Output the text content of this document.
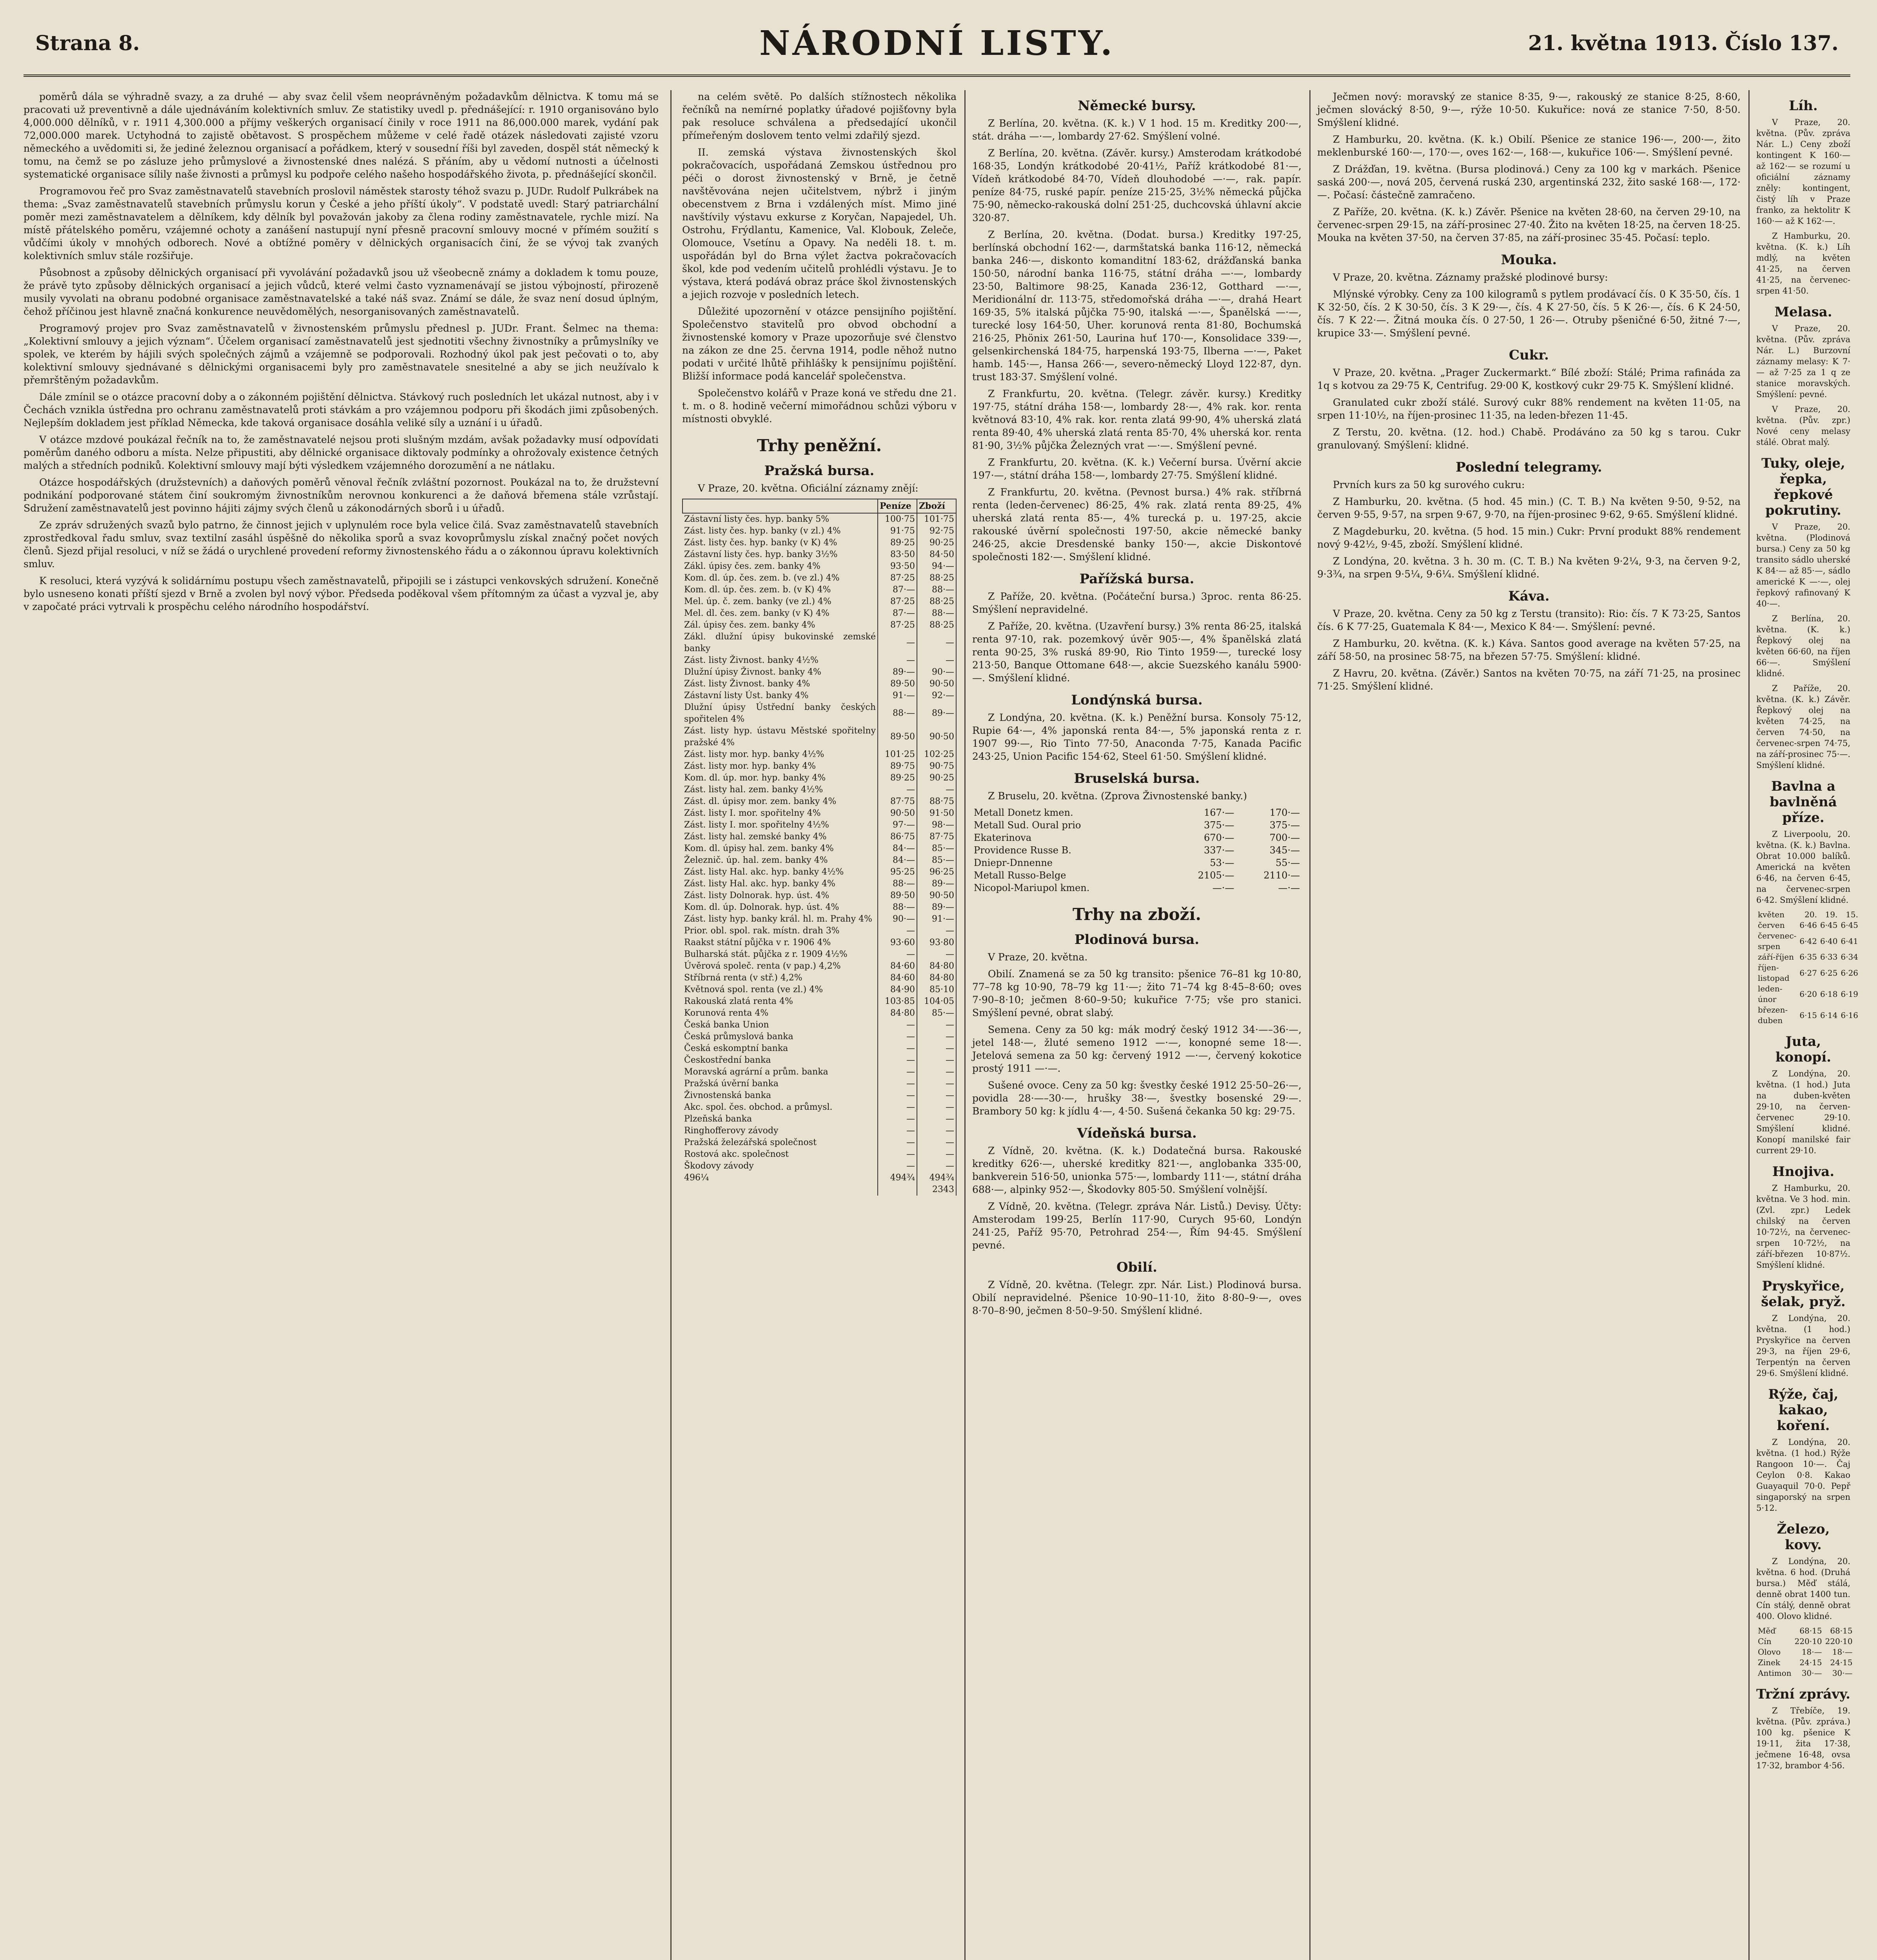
Strana 8.	NÁRODNÍ LISTY.	21. května 1913. Číslo 137.

poměrů dála se výhradně svazy, a za druhé — aby svaz čelil všem neoprávněným požadavkům dělnictva. K tomu má se pracovati už preventivně a dále ujednáváním kolektivních smluv. Ze statistiky uvedl p. přednášející: r. 1910 organisováno bylo 4,000.000 dělníků, v r. 1911 4,300.000 a příjmy veškerých organisací činily v roce 1911 na 86,000.000 marek, vydání pak 72,000.000 marek. Uctyhodná to zajistě obětavost. S prospěchem můžeme v celé řadě otázek následovati zajisté vzoru německého a uvědomiti si, že jediné železnou organisací a pořádkem, který v sousední říši byl zaveden, dospěl stát německý k tomu, na čemž se po zásluze jeho průmyslové a živnostenské dnes nalézá. S přáním, aby u vědomí nutnosti a účelnosti systematické organisace sílily naše živnosti a průmysl ku podpoře celého našeho hospodářského života, p. přednášející skončil.

Programovou řeč pro Svaz zaměstnavatelů stavebních proslovil náměstek starosty téhož svazu p. JUDr. Rudolf Pulkrábek na thema: „Svaz zaměstnavatelů stavebních průmyslu korun y České a jeho příští úkoly“. V podstatě uvedl: Starý patriarchální poměr mezi zaměstnavatelem a dělníkem, kdy dělník byl považován jakoby za člena rodiny zaměstnavatele, rychle mizí. Na místě přátelského poměru, vzájemné ochoty a zanášení nastupují nyní přesně pracovní smlouvy mocné v přímém soužití s vůdčími úkoly v mnohých odborech. Nové a obtížné poměry v dělnických organisacích činí, že se vývoj tak zvaných kolektivních smluv stále rozšiřuje.

Působnost a způsoby dělnických organisací při vyvolávání požadavků jsou už všeobecně známy a dokladem k tomu pouze, že právě tyto způsoby dělnických organisací a jejich vůdců, které velmi často vyznamenávají se jistou výbojností, přirozeně musily vyvolati na obranu podobné organisace zaměstnavatelské a také náš svaz. Známí se dále, že svaz není dosud úplným, čehož příčinou jest hlavně značná konkurence neuvědomělých, nesorganisovaných zaměstnavatelů.

Programový projev pro Svaz zaměstnavatelů v živnostenském průmyslu přednesl p. JUDr. Frant. Šelmec na thema: „Kolektivní smlouvy a jejich význam“. Účelem organisací zaměstnavatelů jest sjednotiti všechny živnostníky a průmyslníky ve spolek, ve kterém by hájili svých společných zájmů a vzájemně se podporovali. Rozhodný úkol pak jest pečovati o to, aby kolektivní smlouvy sjednávané s dělnickými organisacemi byly pro zaměstnavatele snesitelné a aby se jich neužívalo k přemrštěným požadavkům.

Dále zmínil se o otázce pracovní doby a o zákonném pojištění dělnictva. Stávkový ruch posledních let ukázal nutnost, aby i v Čechách vznikla ústředna pro ochranu zaměstnavatelů proti stávkám a pro vzájemnou podporu při škodách jimi způsobených. Nejlepším dokladem jest příklad Německa, kde taková organisace dosáhla veliké síly a uznání i u úřadů.

V otázce mzdové poukázal řečník na to, že zaměstnavatelé nejsou proti slušným mzdám, avšak požadavky musí odpovídati poměrům daného odboru a místa. Nelze připustiti, aby dělnické organisace diktovaly podmínky a ohrožovaly existence četných malých a středních podniků. Kolektivní smlouvy mají býti výsledkem vzájemného dorozumění a ne nátlaku.

Otázce hospodářských (družstevních) a daňových poměrů věnoval řečník zvláštní pozornost. Poukázal na to, že družstevní podnikání podporované státem činí soukromým živnostníkům nerovnou konkurenci a že daňová břemena stále vzrůstají. Sdružení zaměstnavatelů jest povinno hájiti zájmy svých členů u zákonodárných sborů i u úřadů.

Ze zpráv sdružených svazů bylo patrno, že činnost jejich v uplynulém roce byla velice čilá. Svaz zaměstnavatelů stavebních zprostředkoval řadu smluv, svaz textilní zasáhl úspěšně do několika sporů a svaz kovoprůmyslu získal značný počet nových členů. Sjezd přijal resoluci, v níž se žádá o urychlené provedení reformy živnostenského řádu a o zákonnou úpravu kolektivních smluv.

K resoluci, která vyzývá k solidárnímu postupu všech zaměstnavatelů, připojili se i zástupci venkovských sdružení. Konečně bylo usneseno konati příští sjezd v Brně a zvolen byl nový výbor. Předseda poděkoval všem přítomným za účast a vyzval je, aby v započaté práci vytrvali k prospěchu celého národního hospodářství.

na celém světě. Po dalších stížnostech několika řečníků na nemírné poplatky úřadové pojišťovny byla pak resoluce schválena a předsedající ukončil přímeřeným doslovem tento velmi zdařilý sjezd.

II. zemská výstava živnostenských škol pokračovacích, uspořádaná Zemskou ústřednou pro péči o dorost živnostenský v Brně, je četně navštěvována nejen učitelstvem, nýbrž i jiným obecenstvem z Brna i vzdálených míst. Mimo jiné navštívily výstavu exkurse z Koryčan, Napajedel, Uh. Ostrohu, Frýdlantu, Kamenice, Val. Klobouk, Zeleče, Olomouce, Vsetínu a Opavy. Na neděli 18. t. m. uspořádán byl do Brna výlet žactva pokračovacích škol, kde pod vedením učitelů prohlédli výstavu. Je to výstava, která podává obraz práce škol živnostenských a jejich rozvoje v posledních letech.

Důležité upozornění v otázce pensijního pojištění. Společenstvo stavitelů pro obvod obchodní a živnostenské komory v Praze upozorňuje své členstvo na zákon ze dne 25. června 1914, podle něhož nutno podati v určité lhůtě přihlášky k pensijnímu pojištění. Bližší informace podá kancelář společenstva.

Společenstvo kolářů v Praze koná ve středu dne 21. t. m. o 8. hodině večerní mimořádnou schůzi výboru v místnosti obvyklé.

Trhy peněžní.
Pražská bursa.

V Praze, 20. května. Oficiální záznamy znějí:

	Peníze	Zboží
Zástavní listy čes. hyp. banky 5%	100·75	101·75
Zást. listy čes. hyp. banky (v zl.) 4%	91·75	92·75
Zást. listy čes. hyp. banky (v K) 4%	89·25	90·25
Zástavní listy čes. hyp. banky 3½%	83·50	84·50
Zákl. úpisy čes. zem. banky 4%	93·50	94·—
Kom. dl. úp. čes. zem. b. (ve zl.) 4%	87·25	88·25
Kom. dl. úp. čes. zem. b. (v K) 4%	87·—	88·—
Mel. úp. č. zem. banky (ve zl.) 4%	87·25	88·25
Mel. dl. čes. zem. banky (v K) 4%	87·—	88·—
Zál. úpisy čes. zem. banky 4%	87·25	88·25
Zákl. dlužní úpisy bukovinské zemské banky	—	—
Zást. listy Živnost. banky 4½%	—	—
Dlužní úpisy Živnost. banky 4%	89·—	90·—
Zást. listy Živnost. banky 4%	89·50	90·50
Zástavní listy Úst. banky 4%	91·—	92·—
Dlužní úpisy Ústřední banky českých spořitelen 4%	88·—	89·—
Zást. listy hyp. ústavu Městské spořitelny pražské 4%	89·50	90·50
Zást. listy mor. hyp. banky 4½%	101·25	102·25
Zást. listy mor. hyp. banky 4%	89·75	90·75
Kom. dl. úp. mor. hyp. banky 4%	89·25	90·25
Zást. listy hal. zem. banky 4½%	—	—
Zást. dl. úpisy mor. zem. banky 4%	87·75	88·75
Zást. listy I. mor. spořitelny 4%	90·50	91·50
Zást. listy I. mor. spořitelny 4½%	97·—	98·—
Zást. listy hal. zemské banky 4%	86·75	87·75
Kom. dl. úpisy hal. zem. banky 4%	84·—	85·—
Železnič. úp. hal. zem. banky 4%	84·—	85·—
Zást. listy Hal. akc. hyp. banky 4½%	95·25	96·25
Zást. listy Hal. akc. hyp. banky 4%	88·—	89·—
Zást. listy Dolnorak. hyp. úst. 4%	89·50	90·50
Kom. dl. úp. Dolnorak. hyp. úst. 4%	88·—	89·—
Zást. listy hyp. banky král. hl. m. Prahy 4%	90·—	91·—
Prior. obl. spol. rak. místn. drah 3%	—	—
Raakst státní půjčka v r. 1906 4%	93·60	93·80
Bulharská stát. půjčka z r. 1909 4½%	—	—
Úvěrová společ. renta (v pap.) 4,2%	84·60	84·80
Stříbrná renta (v stř.) 4,2%	84·60	84·80
Květnová spol. renta (ve zl.) 4%	84·90	85·10
Rakouská zlatá renta 4%	103·85	104·05
Korunová renta 4%	84·80	85·—
Česká banka Union	—	—
Česká průmyslová banka	—	—
Česká eskomptní banka	—	—
Českostřední banka	—	—
Moravská agrární a prům. banka	—	—
Pražská úvěrní banka	—	—
Živnostenská banka	—	—
Akc. spol. čes. obchod. a průmysl.	—	—
Plzeňská banka	—	—
Ringhofferovy závody	—	—
Pražská železářská společnost	—	—
Rostová akc. společnost	—	—
Škodovy závody	—	—
496¼	494¾	494¾
		2343
Německé bursy.

Z Berlína, 20. května. (K. k.) V 1 hod. 15 m. Kreditky 200·—, stát. dráha —·—, lombardy 27·62. Smýšlení volné.

Z Berlína, 20. května. (Závěr. kursy.) Amsterodam krátkodobé 168·35, Londýn krátkodobé 20·41½, Paříž krátkodobé 81·—, Vídeň krátkodobé 84·70, Vídeň dlouhodobé —·—, rak. papír. peníze 84·75, ruské papír. peníze 215·25, 3½% německá půjčka 75·90, německo-rakouská dolní 251·25, duchcovská úhlavní akcie 320·87.

Z Berlína, 20. května. (Dodat. bursa.) Kreditky 197·25, berlínská obchodní 162·—, darmštatská banka 116·12, německá banka 246·—, diskonto komanditní 183·62, drážďanská banka 150·50, národní banka 116·75, státní dráha —·—, lombardy 23·50, Baltimore 98·25, Kanada 236·12, Gotthard —·—, Meridionální dr. 113·75, středomořská dráha —·—, drahá Heart 169·35, 5% italská půjčka 75·90, italská —·—, Španělská —·—, turecké losy 164·50, Uher. korunová renta 81·80, Bochumská 216·25, Phönix 261·50, Laurina huť 170·—, Konsolidace 339·—, gelsenkirchenská 184·75, harpenská 193·75, Ilberna —·—, Paket hamb. 145·—, Hansa 266·—, severo-německý Lloyd 122·87, dyn. trust 183·37. Smýšlení volné.

Z Frankfurtu, 20. května. (Telegr. závěr. kursy.) Kreditky 197·75, státní dráha 158·—, lombardy 28·—, 4% rak. kor. renta květnová 83·10, 4% rak. kor. renta zlatá 99·90, 4% uherská zlatá renta 89·40, 4% uherská zlatá renta 85·70, 4% uherská kor. renta 81·90, 3½% půjčka Železných vrat —·—. Smýšlení pevné.

Z Frankfurtu, 20. května. (K. k.) Večerní bursa. Úvěrní akcie 197·—, státní dráha 158·—, lombardy 27·75. Smýšlení klidné.

Z Frankfurtu, 20. května. (Pevnost bursa.) 4% rak. stříbrná renta (leden-červenec) 86·25, 4% rak. zlatá renta 89·25, 4% uherská zlatá renta 85·—, 4% turecká p. u. 197·25, akcie rakouské úvěrní společnosti 197·50, akcie německé banky 246·25, akcie Dresdenské banky 150·—, akcie Diskontové společnosti 182·—. Smýšlení klidné.

Pařížská bursa.

Z Paříže, 20. května. (Počáteční bursa.) 3proc. renta 86·25. Smýšlení nepravidelné.

Z Paříže, 20. května. (Uzavření bursy.) 3% renta 86·25, italská renta 97·10, rak. pozemkový úvěr 905·—, 4% španělská zlatá renta 90·25, 3% ruská 89·90, Rio Tinto 1959·—, turecké losy 213·50, Banque Ottomane 648·—, akcie Suezského kanálu 5900·—. Smýšlení klidné.

Londýnská bursa.

Z Londýna, 20. května. (K. k.) Peněžní bursa. Konsoly 75·12, Rupie 64·—, 4% japonská renta 84·—, 5% japonská renta z r. 1907 99·—, Rio Tinto 77·50, Anaconda 7·75, Kanada Pacific 243·25, Union Pacific 154·62, Steel 61·50. Smýšlení klidné.

Bruselská bursa.

Z Bruselu, 20. května. (Zprova Živnostenské banky.)

Metall Donetz kmen.	167·—	170·—
Metall Sud. Oural prio	375·—	375·—
Ekaterinova	670·—	700·—
Providence Russe B.	337·—	345·—
Dniepr-Dnnenne	53·—	55·—
Metall Russo-Belge	2105·—	2110·—
Nicopol-Mariupol kmen.	—·—	—·—
Trhy na zboží.
Plodinová bursa.

V Praze, 20. května.

Obilí. Znamená se za 50 kg transito: pšenice 76–81 kg 10·80, 77–78 kg 10·90, 78–79 kg 11·—; žito 71–74 kg 8·45–8·60; oves 7·90–8·10; ječmen 8·60–9·50; kukuřice 7·75; vše pro stanici. Smýšlení pevné, obrat slabý.

Semena. Ceny za 50 kg: mák modrý český 1912 34·—–36·—, jetel 148·—, žluté semeno 1912 —·—, konopné seme 18·—. Jetelová semena za 50 kg: červený 1912 —·—, červený kokotice prostý 1911 —·—.

Sušené ovoce. Ceny za 50 kg: švestky české 1912 25·50–26·—, povidla 28·—–30·—, hrušky 38·—, švestky bosenské 29·—. Brambory 50 kg: k jídlu 4·—, 4·50. Sušená čekanka 50 kg: 29·75.

Vídeňská bursa.

Z Vídně, 20. května. (K. k.) Dodatečná bursa. Rakouské kreditky 626·—, uherské kreditky 821·—, anglobanka 335·00, bankverein 516·50, unionka 575·—, lombardy 111·—, státní dráha 688·—, alpinky 952·—, Škodovky 805·50. Smýšlení volnější.

Z Vídně, 20. května. (Telegr. zpráva Nár. Listů.) Devisy. Účty: Amsterodam 199·25, Berlín 117·90, Curych 95·60, Londýn 241·25, Paříž 95·70, Petrohrad 254·—, Řím 94·45. Smýšlení pevné.

Obilí.

Z Vídně, 20. května. (Telegr. zpr. Nár. List.) Plodinová bursa. Obilí nepravidelné. Pšenice 10·90–11·10, žito 8·80–9·—, oves 8·70–8·90, ječmen 8·50–9·50. Smýšlení klidné.

Ječmen nový: moravský ze stanice 8·35, 9·—, rakouský ze stanice 8·25, 8·60, ječmen slovácký 8·50, 9·—, rýže 10·50. Kukuřice: nová ze stanice 7·50, 8·50. Smýšlení klidné.

Z Hamburku, 20. května. (K. k.) Obilí. Pšenice ze stanice 196·—, 200·—, žito meklenburské 160·—, 170·—, oves 162·—, 168·—, kukuřice 106·—. Smýšlení pevné.

Z Drážďan, 19. května. (Bursa plodinová.) Ceny za 100 kg v markách. Pšenice saská 200·—, nová 205, červená ruská 230, argentinská 232, žito saské 168·—, 172·—. Počasí: částečně zamračeno.

Z Paříže, 20. května. (K. k.) Závěr. Pšenice na květen 28·60, na červen 29·10, na červenec-srpen 29·15, na září-prosinec 27·40. Žito na květen 18·25, na červen 18·25. Mouka na květen 37·50, na červen 37·85, na září-prosinec 35·45. Počasí: teplo.

Mouka.

V Praze, 20. května. Záznamy pražské plodinové bursy:

Mlýnské výrobky. Ceny za 100 kilogramů s pytlem prodávací čís. 0 K 35·50, čís. 1 K 32·50, čís. 2 K 30·50, čís. 3 K 29·—, čís. 4 K 27·50, čís. 5 K 26·—, čís. 6 K 24·50, čís. 7 K 22·—. Žitná mouka čís. 0 27·50, 1 26·—. Otruby pšeničné 6·50, žitné 7·—, krupice 33·—. Smýšlení pevné.

Cukr.

V Praze, 20. května. „Prager Zuckermarkt.“ Bílé zboží: Stálé; Prima rafináda za 1q s kotvou za 29·75 K, Centrifug. 29·00 K, kostkový cukr 29·75 K. Smýšlení klidné.

Granulated cukr zboží stálé. Surový cukr 88% rendement na květen 11·05, na srpen 11·10½, na říjen-prosinec 11·35, na leden-březen 11·45.

Z Terstu, 20. května. (12. hod.) Chabě. Prodáváno za 50 kg s tarou. Cukr granulovaný. Smýšlení: klidné.

Poslední telegramy.

Prvních kurs za 50 kg surového cukru:

Z Hamburku, 20. května. (5 hod. 45 min.) (C. T. B.) Na květen 9·50, 9·52, na červen 9·55, 9·57, na srpen 9·67, 9·70, na říjen-prosinec 9·62, 9·65. Smýšlení klidné.

Z Magdeburku, 20. května. (5 hod. 15 min.) Cukr: První produkt 88% rendement nový 9·42½, 9·45, zboží. Smýšlení klidné.

Z Londýna, 20. května. 3 h. 30 m. (C. T. B.) Na květen 9·2¼, 9·3, na červen 9·2, 9·3¾, na srpen 9·5¼, 9·6¼. Smýšlení klidné.

Káva.

V Praze, 20. května. Ceny za 50 kg z Terstu (transito): Rio: čís. 7 K 73·25, Santos čís. 6 K 77·25, Guatemala K 84·—, Mexico K 84·—. Smýšlení: pevné.

Z Hamburku, 20. května. (K. k.) Káva. Santos good average na květen 57·25, na září 58·50, na prosinec 58·75, na březen 57·75. Smýšlení: klidné.

Z Havru, 20. května. (Závěr.) Santos na květen 70·75, na září 71·25, na prosinec 71·25. Smýšlení klidné.

Líh.

V Praze, 20. května. (Pův. zpráva Nár. L.) Ceny zboží kontingent K 160·— až 162·— se rozumí u oficiální záznamy zněly: kontingent, čistý líh v Praze franko, za hektolitr K 160·— až K 162·—.

Z Hamburku, 20. května. (K. k.) Líh mdlý, na květen 41·25, na červen 41·25, na červenec-srpen 41·50.

Melasa.

V Praze, 20. května. (Pův. zpráva Nár. L.) Burzovní záznamy melasy: K 7·— až 7·25 za 1 q ze stanice moravských. Smýšlení: pevné.

V Praze, 20. května. (Pův. zpr.) Nové ceny melasy stálé. Obrat malý.

Tuky, oleje, řepka, řepkové pokrutiny.

V Praze, 20. května. (Plodinová bursa.) Ceny za 50 kg transito sádlo uherské K 84·— až 85·—, sádlo americké K —·—, olej řepkový rafinovaný K 40·—.

Z Berlína, 20. května. (K. k.) Řepkový olej na květen 66·60, na říjen 66·—. Smýšlení klidné.

Z Paříže, 20. května. (K. k.) Závěr. Řepkový olej na květen 74·25, na červen 74·50, na červenec-srpen 74·75, na září-prosinec 75·—. Smýšlení klidné.

Bavlna a bavlněná příze.

Z Liverpoolu, 20. května. (K. k.) Bavlna. Obrat 10.000 balíků. Americká na květen 6·46, na červen 6·45, na červenec-srpen 6·42. Smýšlení klidné.

květen	20.	19.	15.
červen	6·46	6·45	6·45
červenec-srpen	6·42	6·40	6·41
září-říjen	6·35	6·33	6·34
říjen-listopad	6·27	6·25	6·26
leden-únor	6·20	6·18	6·19
březen-duben	6·15	6·14	6·16
Juta, konopí.

Z Londýna, 20. května. (1 hod.) Juta na duben-květen 29·10, na červen-červenec 29·10. Smýšlení klidné. Konopí manilské fair current 29·10.

Hnojiva.

Z Hamburku, 20. května. Ve 3 hod. min. (Zvl. zpr.) Ledek chilský na červen 10·72½, na červenec-srpen 10·72½, na září-březen 10·87½. Smýšlení klidné.

Pryskyřice, šelak, pryž.

Z Londýna, 20. května. (1 hod.) Pryskyřice na červen 29·3, na říjen 29·6, Terpentýn na červen 29·6. Smýšlení klidné.

Rýže, čaj, kakao, koření.

Z Londýna, 20. května. (1 hod.) Rýže Rangoon 10·—. Čaj Ceylon 0·8. Kakao Guayaquil 70·0. Pepř singaporský na srpen 5·12.

Železo, kovy.

Z Londýna, 20. května. 6 hod. (Druhá bursa.) Měď stálá, denně obrat 1400 tun. Cín stálý, denně obrat 400. Olovo klidné.

Měď	68·15	68·15
Cín	220·10	220·10
Olovo	18·—	18·—
Zinek	24·15	24·15
Antimon	30·—	30·—
Tržní zprávy.

Z Třebíče, 19. května. (Pův. zpráva.) 100 kg. pšenice K 19·11, žita 17·38, ječmene 16·48, ovsa 17·32, brambor 4·56.
